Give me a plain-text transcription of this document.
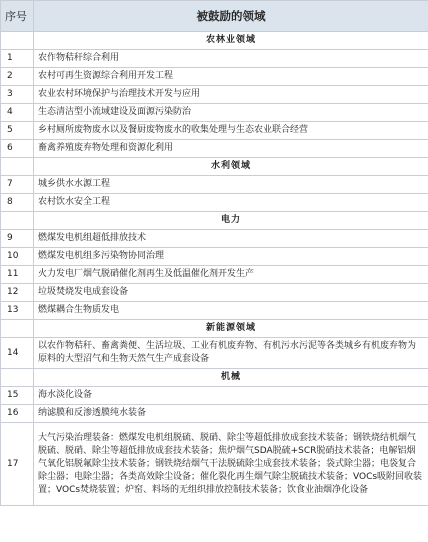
序号	被鼓励的领域
	农林业领域
1	农作物秸秆综合利用
2	农村可再生资源综合利用开发工程
3	农业农村环境保护与治理技术开发与应用
4	生态清洁型小流域建设及面源污染防治
5	乡村厕所废物废水以及餐厨废物废水的收集处理与生态农业联合经营
6	畜禽养殖废弃物处理和资源化利用
	水利领域
7	城乡供水水源工程
8	农村饮水安全工程
	电力
9	燃煤发电机组超低排放技术
10	燃煤发电机组多污染物协同治理
11	火力发电厂烟气脱硝催化剂再生及低温催化剂开发生产
12	垃圾焚烧发电成套设备
13	燃煤耦合生物质发电
	新能源领域
14	以农作物秸秆、畜禽粪便、生活垃圾、工业有机废弃物、有机污水污泥等各类城乡有机废弃物为原料的大型沼气和生物天然气生产成套设备
	机械
15	海水淡化设备
16	纳滤膜和反渗透膜纯水装备
17	大气污染治理装备：燃煤发电机组脱硫、脱硝、除尘等超低排放成套技术装备；钢铁烧结机烟气脱硫、脱硝、除尘等超低排放成套技术装备；焦炉烟气SDA脱硫+SCR脱硝技术装备；电解铝烟气氧化铝脱氟除尘技术装备；钢铁烧结烟气干法脱硫除尘成套技术装备；袋式除尘器；电袋复合除尘器；电除尘器；各类高效除尘设备；催化裂化再生烟气除尘脱硫技术装备；VOCs吸附回收装置；VOCs焚烧装置；炉窑、料场的无组织排放控制技术装备；饮食业油烟净化设备
